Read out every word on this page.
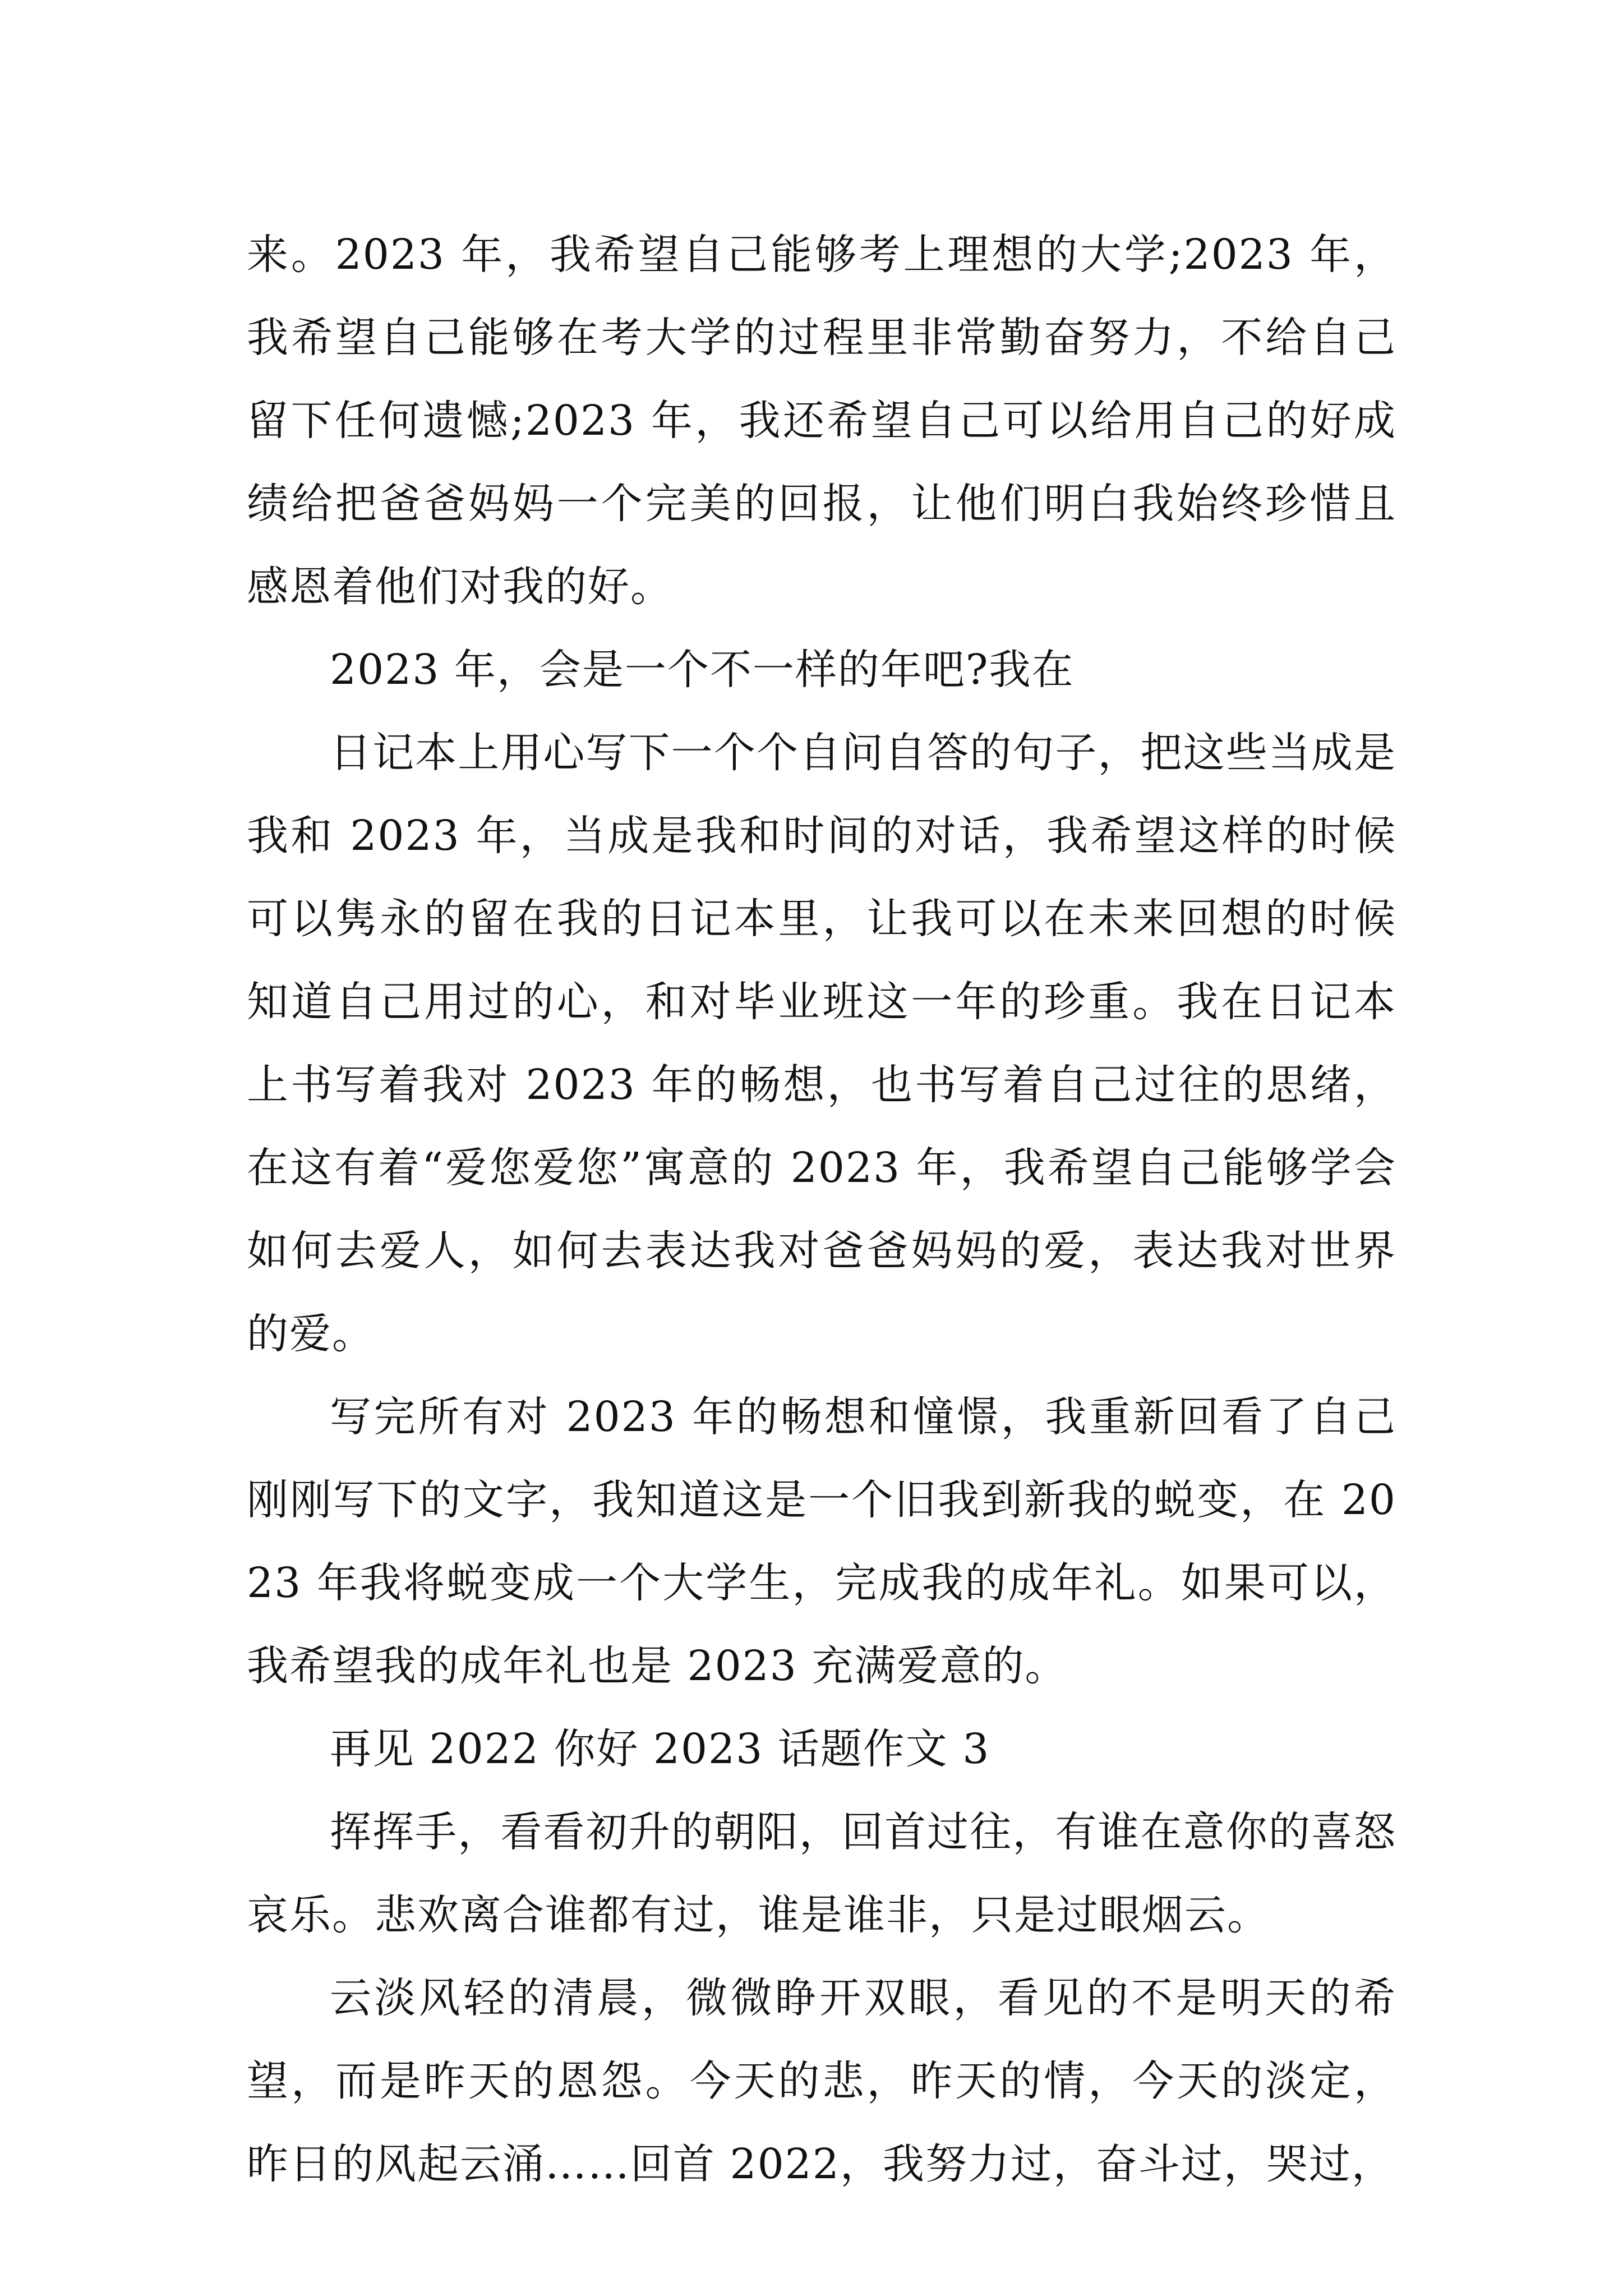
来。2023 年，我希望自己能够考上理想的大学;2023 年，我希望自己能够在考大学的过程里非常勤奋努力，不给自己留下任何遗憾;2023 年，我还希望自己可以给用自己的好成绩给把爸爸妈妈一个完美的回报，让他们明白我始终珍惜且感恩着他们对我的好。

2023 年，会是一个不一样的年吧?我在

日记本上用心写下一个个自问自答的句子，把这些当成是我和 2023 年，当成是我和时间的对话，我希望这样的时候可以隽永的留在我的日记本里，让我可以在未来回想的时候知道自己用过的心，和对毕业班这一年的珍重。我在日记本上书写着我对 2023 年的畅想，也书写着自己过往的思绪，在这有着“爱您爱您”寓意的 2023 年，我希望自己能够学会如何去爱人，如何去表达我对爸爸妈妈的爱，表达我对世界的爱。

写完所有对 2023 年的畅想和憧憬，我重新回看了自己刚刚写下的文字，我知道这是一个旧我到新我的蜕变，在 2023 年我将蜕变成一个大学生，完成我的成年礼。如果可以，我希望我的成年礼也是 2023 充满爱意的。

再见 2022 你好 2023 话题作文 3

挥挥手，看看初升的朝阳，回首过往，有谁在意你的喜怒哀乐。悲欢离合谁都有过，谁是谁非，只是过眼烟云。

云淡风轻的清晨，微微睁开双眼，看见的不是明天的希望，而是昨天的恩怨。今天的悲，昨天的情，今天的淡定，昨日的风起云涌……回首 2022，我努力过，奋斗过，哭过，
